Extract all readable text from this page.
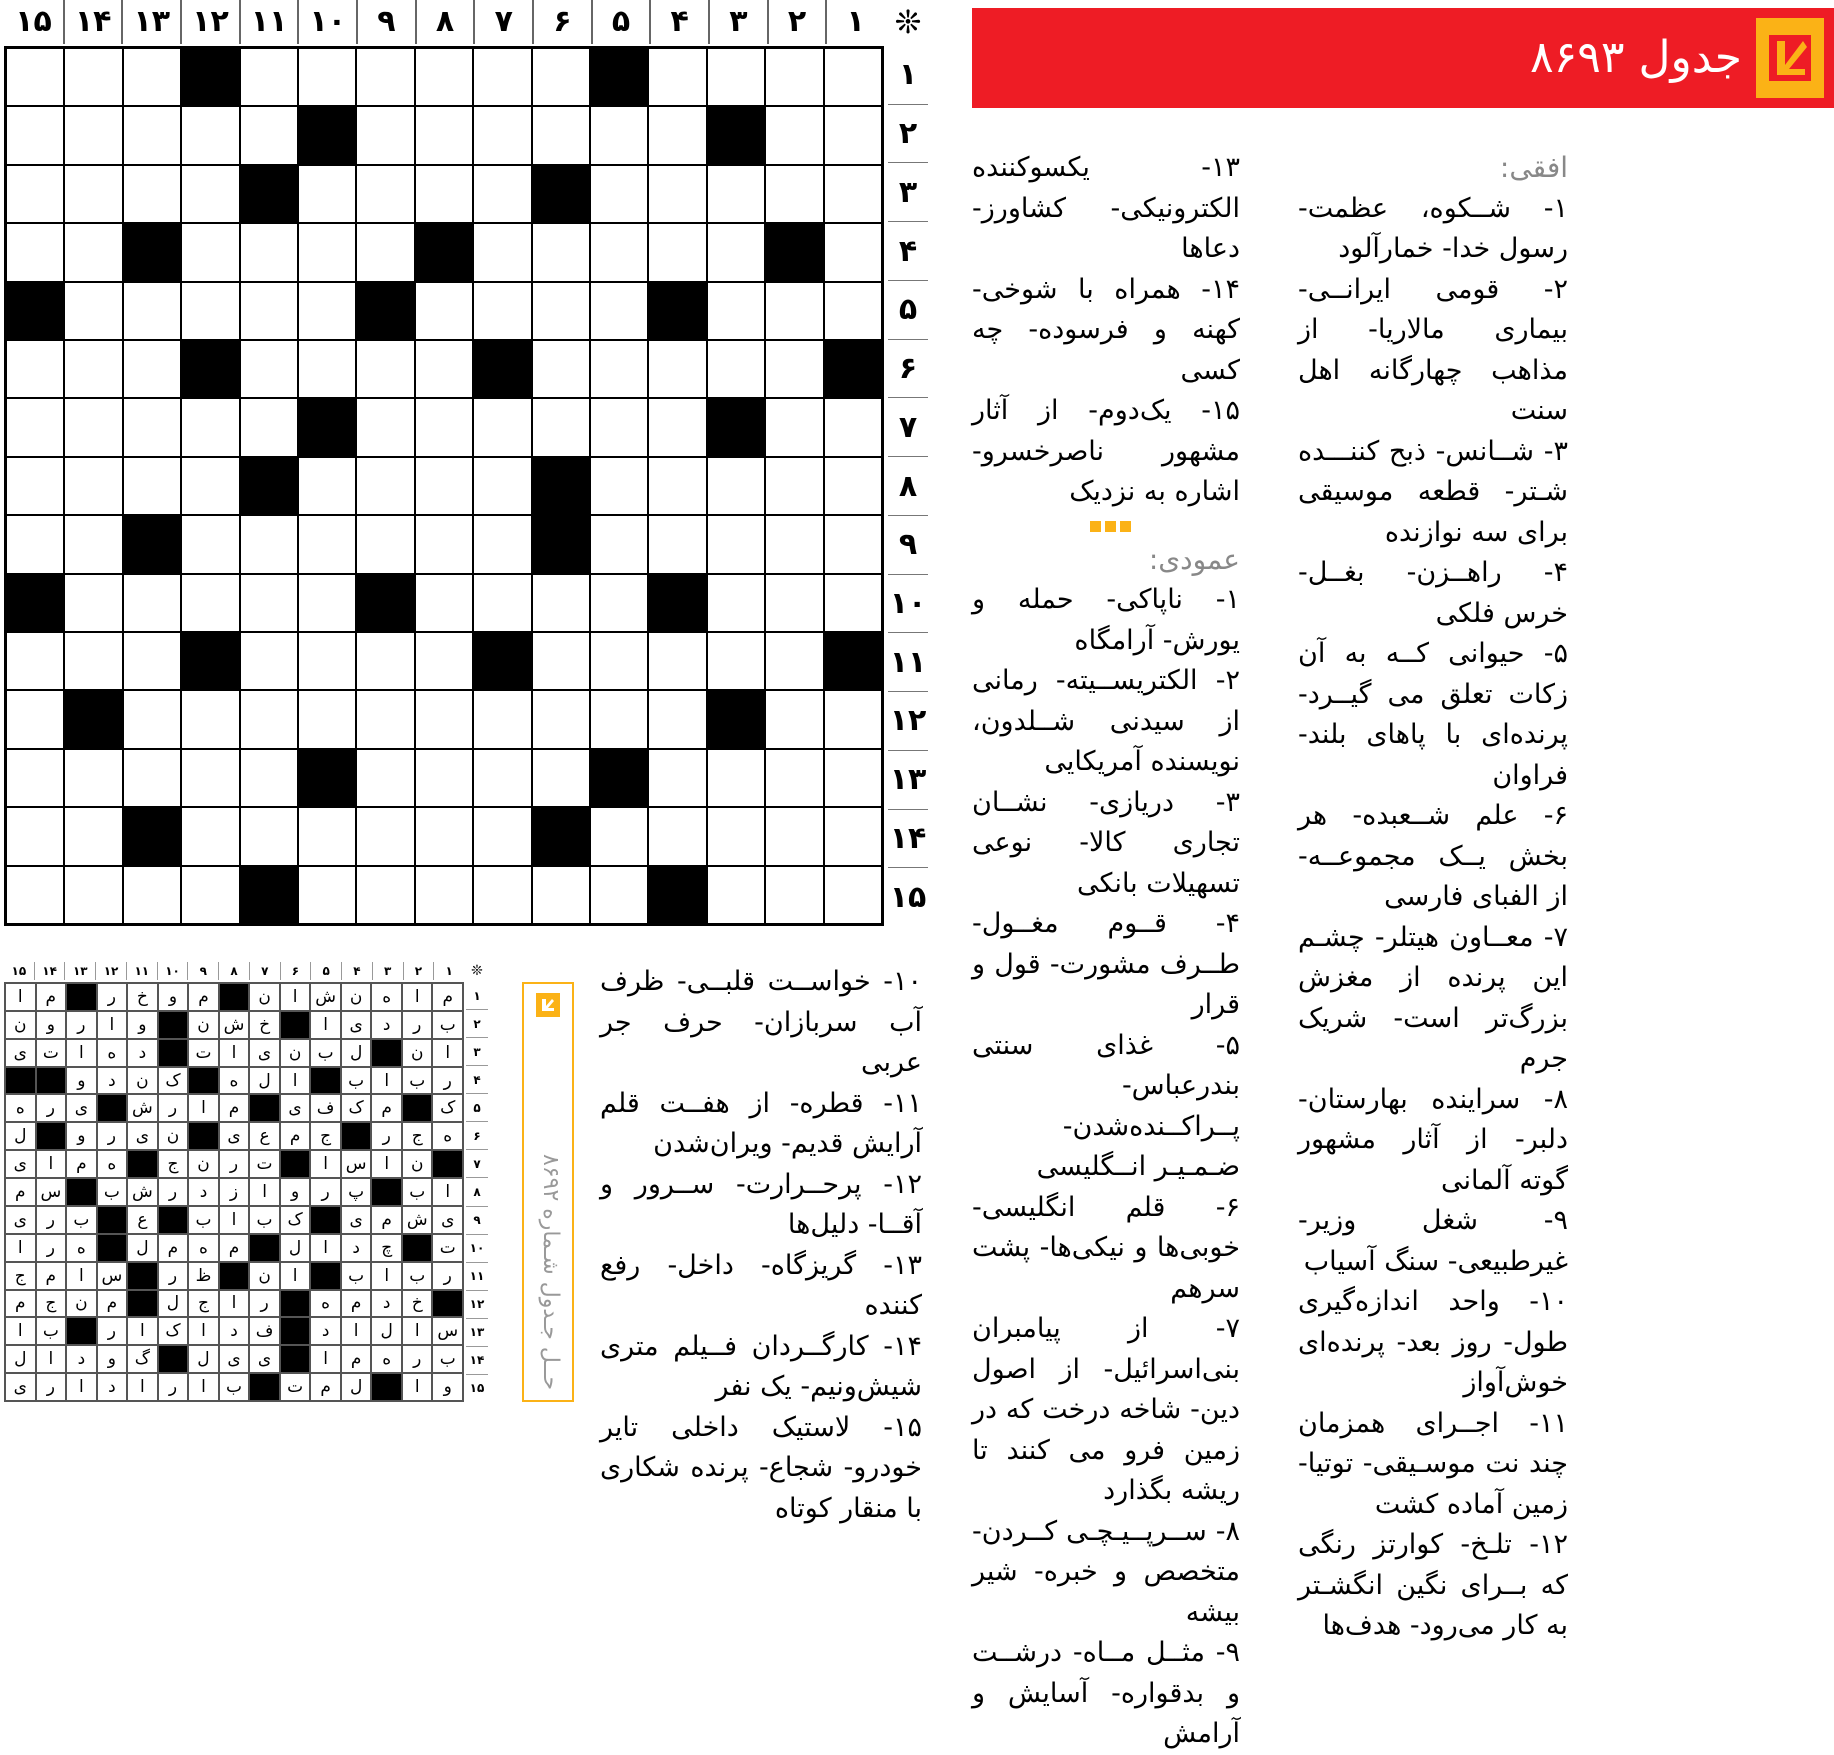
❊
۱
۲
۳
۴
۵
۶
۷
۸
۹
۱۰
۱۱
۱۲
۱۳
۱۴
۱۵
۱
۲
۳
۴
۵
۶
۷
۸
۹
۱۰
۱۱
۱۲
۱۳
۱۴
۱۵
جدول ۸۶۹۳

افقی:

۱- شــکوه، عظمت- رسول خدا- خمارآلود

۲- قومی ایرانــی- بیماری مالاریا- از مذاهب چهارگانه اهل سنت

۳- شــانس- ذبح کننـــده شـتر- قطعه موسیقی برای سه نوازنده

۴- راهــزن- بغــل- خرس فلکی

۵- حیوانی کــه به آن زکات تعلق می گیــرد- پرنده‌ای با پاهای بلند- فراوان

۶- علم شــعبده- هر بخش یــک مجموعــه- از الفبای فارسی

۷- معــاون هیتلر- چشـم این پرنده از مغزش بزرگ‌تر است- شریک جرم

۸- سراینده بهارستان- دلبر- از آثار مشهور گوته آلمانی

۹- شغل وزیر- غیرطبیعی- سنگ آسیاب

۱۰- واحد اندازه‌گیری طول- روز بعد- پرنده‌ای خوش‌آواز

۱۱- اجــرای همزمان چند نت موسـیقی- توتیا- زمین آماده کشت

۱۲- تلـخ- کوارتز رنگی که بــرای نگین انگشـتر به کار می‌رود- هدف‌ها

۱۳- یکسوکننده الکترونیکی- کشاورز- دعاها

۱۴- همراه با شوخی- کهنه و فرسوده- چه کسی

۱۵- یک‌دوم- از آثار مشهور ناصرخسرو- اشاره به نزدیک

عمودی:

۱- ناپاکی- حمله و یورش- آرامگاه

۲- الکتریســیته- رمانی از سیدنی شــلدون، نویسنده آمریکایی

۳- دریازی- نشــان تجاری کالا- نوعی تسهیلات بانکی

۴- قــوم مغــول- طــرف مشورت- قول و قرار

۵- غذای سنتی بندرعباس- پــراکــنده‌شدن- ضـمـیـر انــگلیسی

۶- قلم انگلیسی- خوبی‌ها و نیکی‌ها- پشت سرهم

۷- از پیامبران بنی‌اسرائیل- از اصول دین- شاخه درخت که در زمین فرو می کنند تا ریشه بگذارد

۸- ســرپــیـچـی کــردن- متخصص و خبره- شیر بیشه

۹- مثــل مــاه- درشــت و بدقواره- آسایش و آرامش

۱۰- خواســت قلبــی- ظرف آب سربازان- حرف جر عربی

۱۱- قطره- از هفــت قلم آرایش قدیم- ویران‌شدن

۱۲- پرحــرارت- ســرور و آقــا- دلیل‌ها

۱۳- گریزگاه- داخل- رفع کننده

۱۴- کارگــردان فــیلم متری شیش‌ونیم- یک نفر

۱۵- لاستیک داخلی تایر خودرو- شجاع- پرنده شکاری با منقار کوتاه

❊
۱
۲
۳
۴
۵
۶
۷
۸
۹
۱۰
۱۱
۱۲
۱۳
۱۴
۱۵
م
ا
ه
ن
ش
ا
ن
م
و
خ
ر
م
ا
ب
ر
د
ی
ا
خ
ش
ن
و
ا
ر
و
ن
ا
ن
ل
ب
ن
ی
ا
ت
د
ه
ا
ت
ی
ر
ب
ا
ب
ا
ل
ه
ک
ن
د
و
ک
م
ک
ف
ی
م
ا
ر
ش
ی
ر
ه
ه
ج
ر
ج
م
ع
ی
ن
ی
ر
و
ل
ن
ا
س
ا
ت
ر
ن
ج
ه
م
ا
ی
ا
ب
پ
ر
و
ا
ز
د
ر
ش
ب
س
م
ی
ش
م
ی
ک
ب
ا
ب
ع
ب
ر
ی
ت
چ
د
ا
ل
م
ه
م
ل
ه
ر
ا
ر
ب
ا
ب
ا
ن
ظ
ر
س
ا
م
ج
خ
د
م
ه
ر
ا
ج
ل
م
ن
ج
م
س
ا
ل
ا
د
ف
د
ا
ک
ا
ر
ب
ا
ب
ر
ه
م
ا
ی
ی
ل
گ
و
د
ا
ل
و
ا
ل
م
ت
ب
ا
ر
ا
د
ا
ر
ی
۱
۲
۳
۴
۵
۶
۷
۸
۹
۱۰
۱۱
۱۲
۱۳
۱۴
۱۵
حــل جـدول شـماره ۸۶۹۲
